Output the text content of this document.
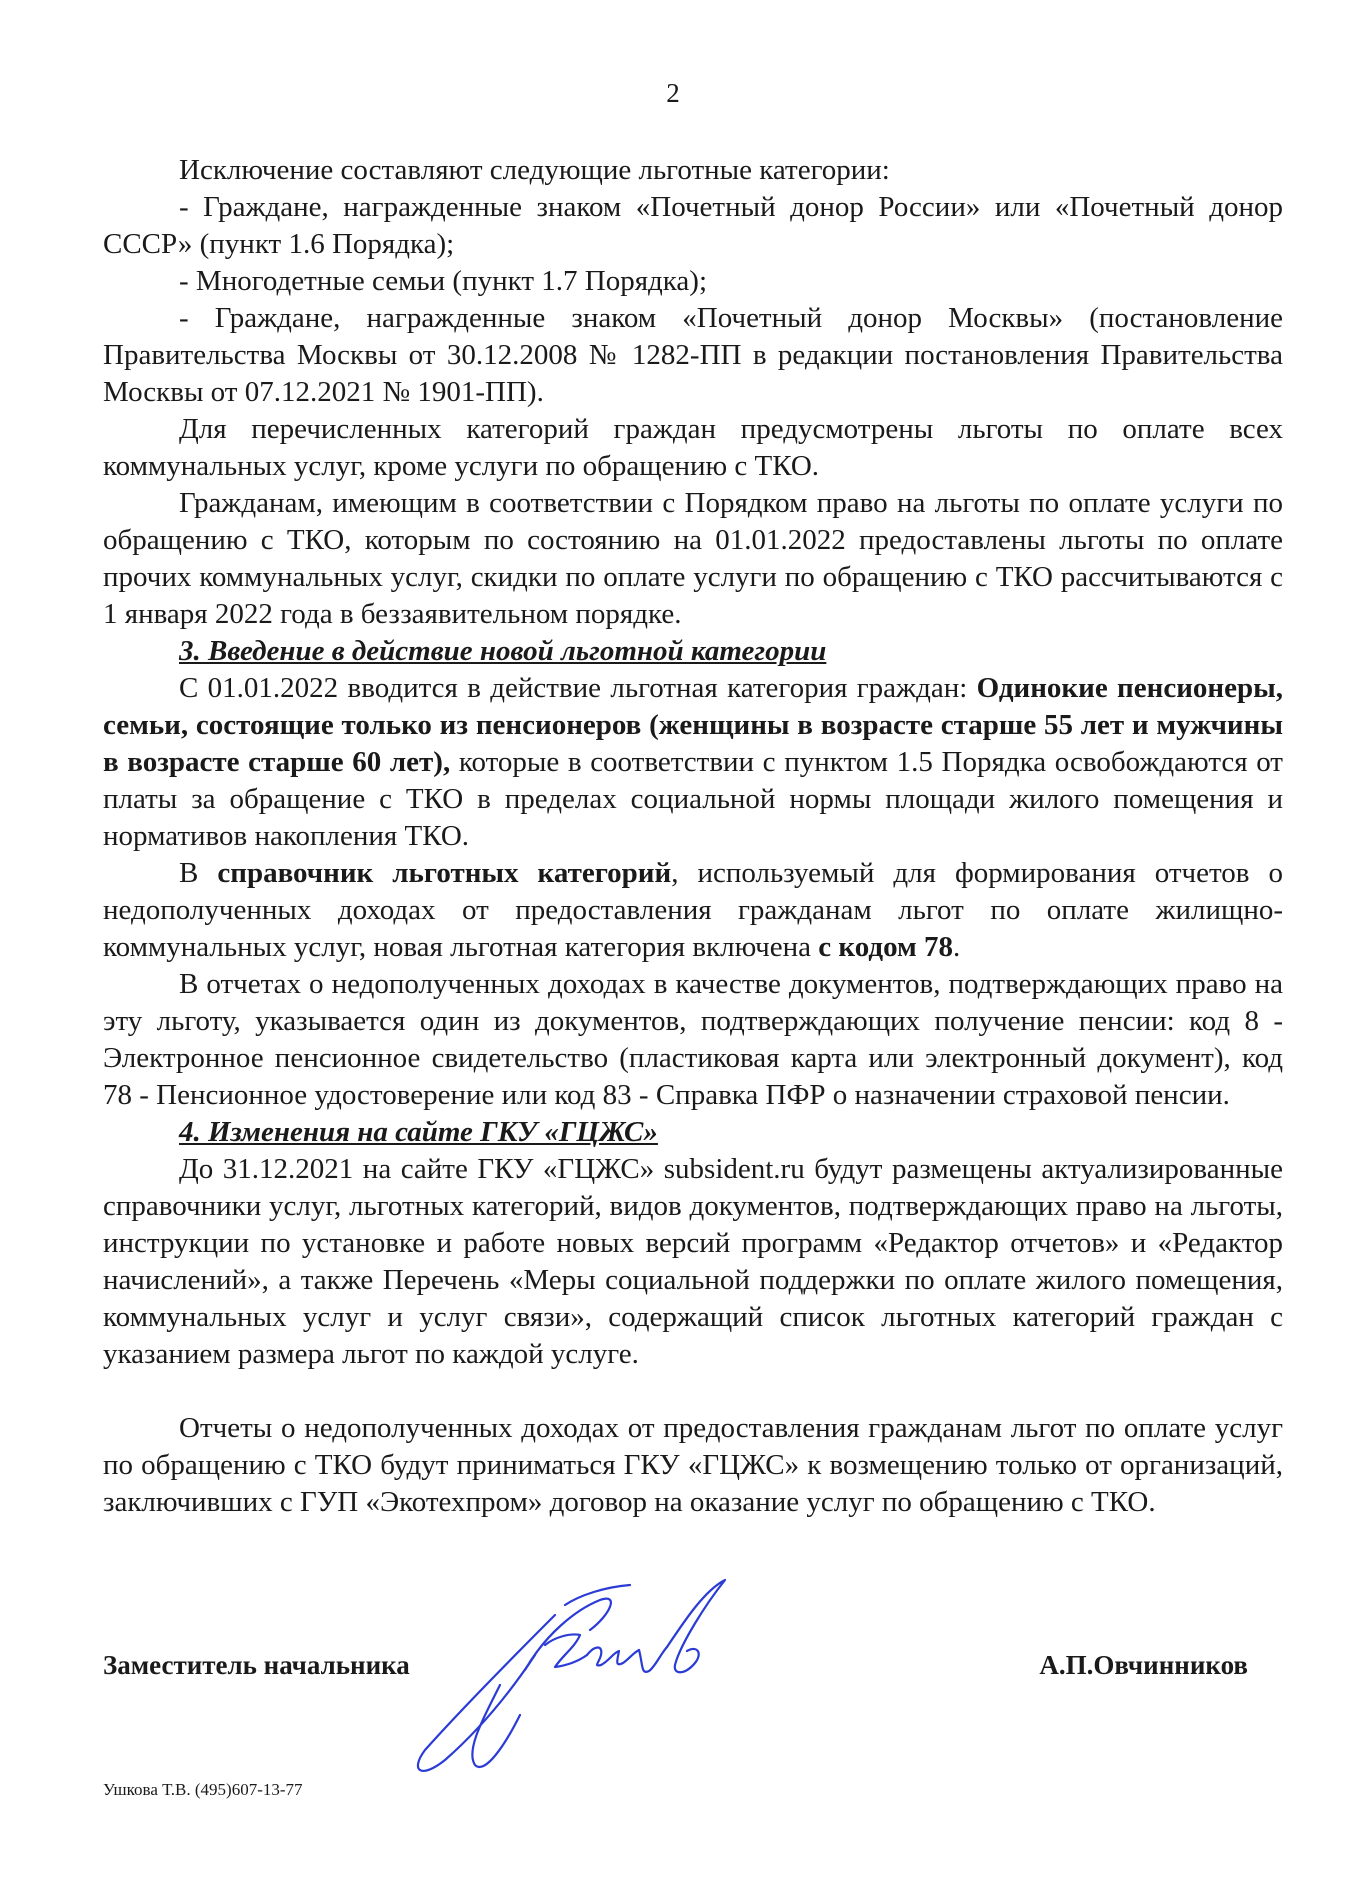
2

Исключение составляют следующие льготные категории:

- Граждане, награжденные знаком «Почетный донор России» или «Почетный донор СССР» (пункт 1.6 Порядка);

- Многодетные семьи (пункт 1.7 Порядка);

- Граждане, награжденные знаком «Почетный донор Москвы» (постановление Правительства Москвы от 30.12.2008 № 1282-ПП в редакции постановления Правительства Москвы от 07.12.2021 № 1901-ПП).

Для перечисленных категорий граждан предусмотрены льготы по оплате всех коммунальных услуг, кроме услуги по обращению с ТКО.

Гражданам, имеющим в соответствии с Порядком право на льготы по оплате услуги по обращению с ТКО, которым по состоянию на 01.01.2022 предоставлены льготы по оплате прочих коммунальных услуг, скидки по оплате услуги по обращению с ТКО рассчитываются с 1 января 2022 года в беззаявительном порядке.

3. Введение в действие новой льготной категории

С 01.01.2022 вводится в действие льготная категория граждан: Одинокие пенсионеры, семьи, состоящие только из пенсионеров (женщины в возрасте старше 55 лет и мужчины в возрасте старше 60 лет), которые в соответствии с пунктом 1.5 Порядка освобождаются от платы за обращение с ТКО в пределах социальной нормы площади жилого помещения и нормативов накопления ТКО.

В справочник льготных категорий, используемый для формирования отчетов о недополученных доходах от предоставления гражданам льгот по оплате жилищно-коммунальных услуг, новая льготная категория включена с кодом 78.

В отчетах о недополученных доходах в качестве документов, подтверждающих право на эту льготу, указывается один из документов, подтверждающих получение пенсии: код 8 - Электронное пенсионное свидетельство (пластиковая карта или электронный документ), код 78 - Пенсионное удостоверение или код 83 - Справка ПФР о назначении страховой пенсии.

4. Изменения на сайте ГКУ «ГЦЖС»

До 31.12.2021 на сайте ГКУ «ГЦЖС» subsident.ru будут размещены актуализированные справочники услуг, льготных категорий, видов документов, подтверждающих право на льготы, инструкции по установке и работе новых версий программ «Редактор отчетов» и «Редактор начислений», а также Перечень «Меры социальной поддержки по оплате жилого помещения, коммунальных услуг и услуг связи», содержащий список льготных категорий граждан с указанием размера льгот по каждой услуге.

Отчеты о недополученных доходах от предоставления гражданам льгот по оплате услуг по обращению с ТКО будут приниматься ГКУ «ГЦЖС» к возмещению только от организаций, заключивших с ГУП «Экотехпром» договор на оказание услуг по обращению с ТКО.

Заместитель начальника	А.П.Овчинников
Ушкова Т.В. (495)607-13-77
